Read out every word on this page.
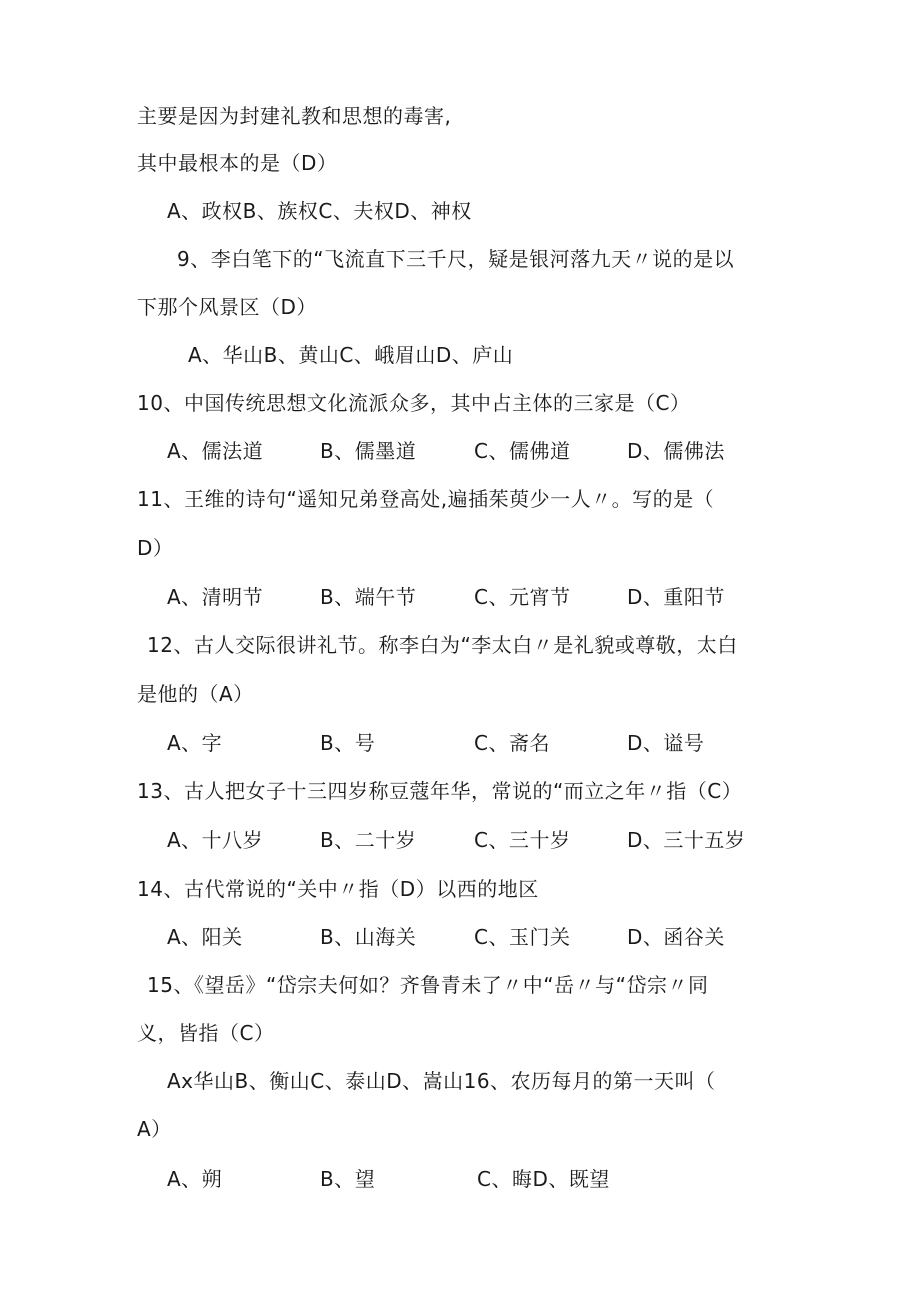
主要是因为封建礼教和思想的毒害,
其中最根本的是（D）
A、政权B、族权C、夫权D、神权
9、李白笔下的“飞流直下三千尺，疑是银河落九天〃说的是以
下那个风景区（D）
A、华山B、黄山C、峨眉山D、庐山
10、中国传统思想文化流派众多，其中占主体的三家是（C）
A、儒法道	B、儒墨道	C、儒佛道	D、儒佛法
11、王维的诗句“遥知兄弟登高处,遍插茱萸少一人〃。写的是（
D）
A、清明节	B、端午节	C、元宵节	D、重阳节
12、古人交际很讲礼节。称李白为“李太白〃是礼貌或尊敬，太白
是他的（A）
A、字	B、号	C、斋名	D、谥号
13、古人把女子十三四岁称豆蔻年华，常说的“而立之年〃指（C）
A、十八岁	B、二十岁	C、三十岁	D、三十五岁
14、古代常说的“关中〃指（D）以西的地区
A、阳关	B、山海关	C、玉门关	D、函谷关
15、《望岳》“岱宗夫何如？齐鲁青未了〃中“岳〃与“岱宗〃同
义，皆指（C）
Ax华山B、衡山C、泰山D、嵩山16、农历每月的第一天叫（
A）
A、朔	B、望	C、晦D、既望
